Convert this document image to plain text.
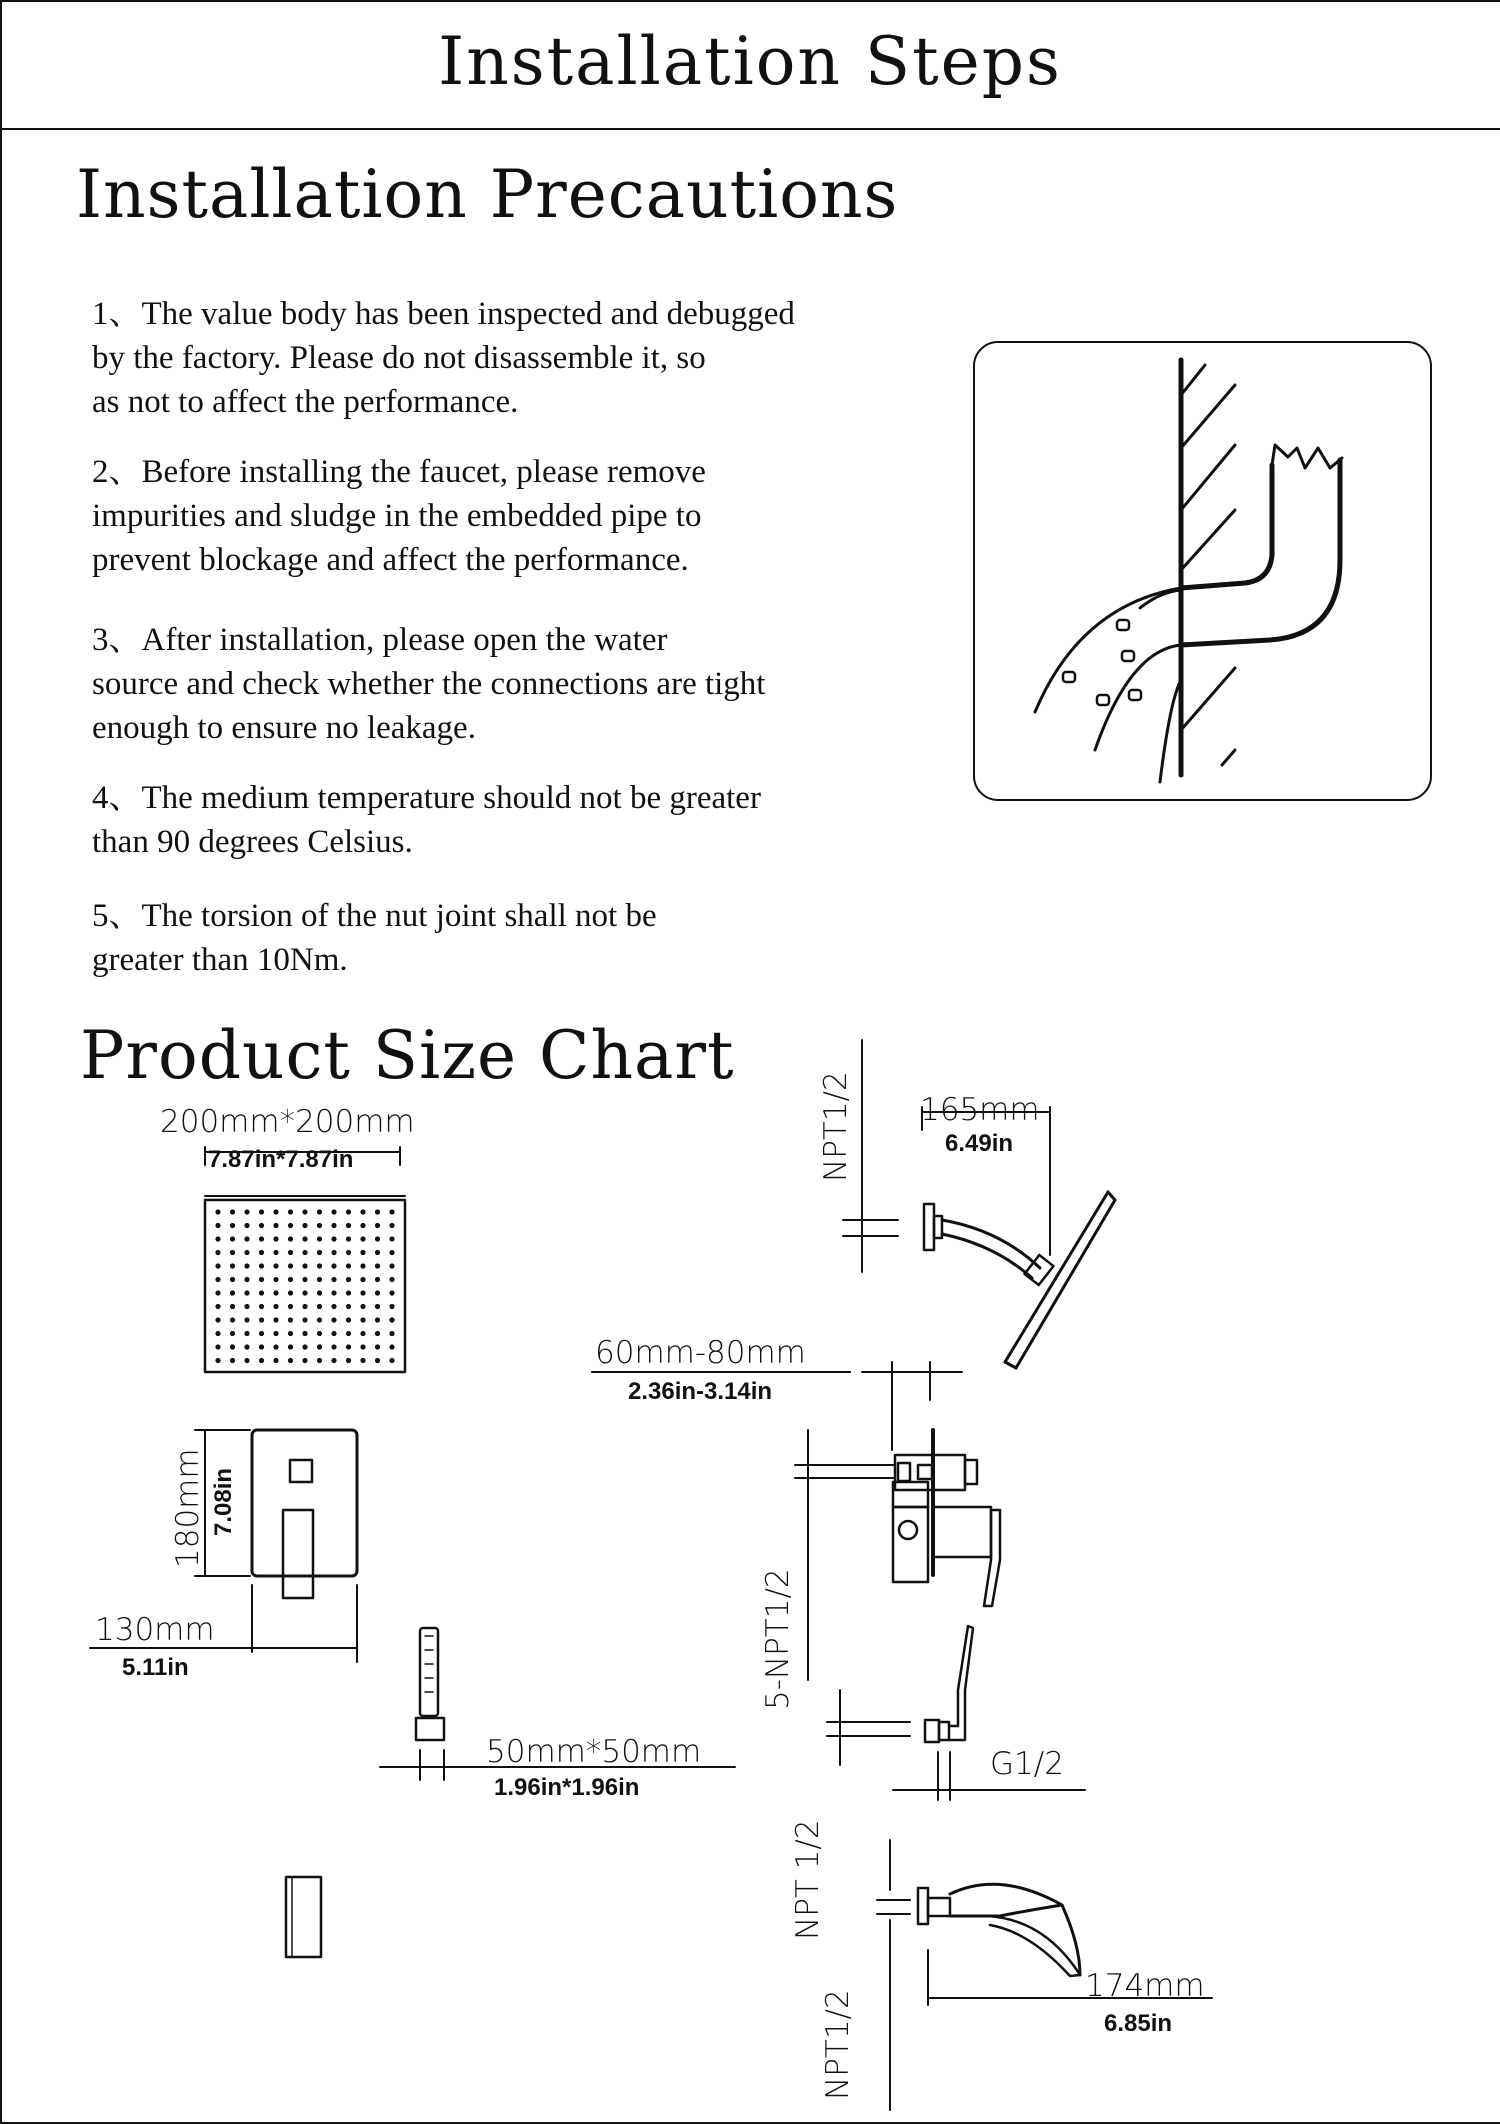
Installation Steps
Installation Precautions
1、The value body has been inspected and debugged
by the factory. Please do not disassemble it, so
as not to affect the performance.
2、Before installing the faucet, please remove
impurities and sludge in the embedded pipe to
prevent blockage and affect the performance.
3、After installation, please open the water
source and check whether the connections are tight
enough to ensure no leakage.
4、The medium temperature should not be greater
than 90 degrees Celsius.
5、The torsion of the nut joint shall not be
greater than 10Nm.
Product Size Chart
200mm*200mm
7.87in*7.87in	NPT1/2 165mm
6.49in
60mm-80mm
2.36in-3.14in
180mm 7.08in
130mm
5.11in	5-NPT1/2
50mm*50mm
1.96in*1.96in
G1/2
NPT 1/2
174mm
6.85in
NPT1/2
